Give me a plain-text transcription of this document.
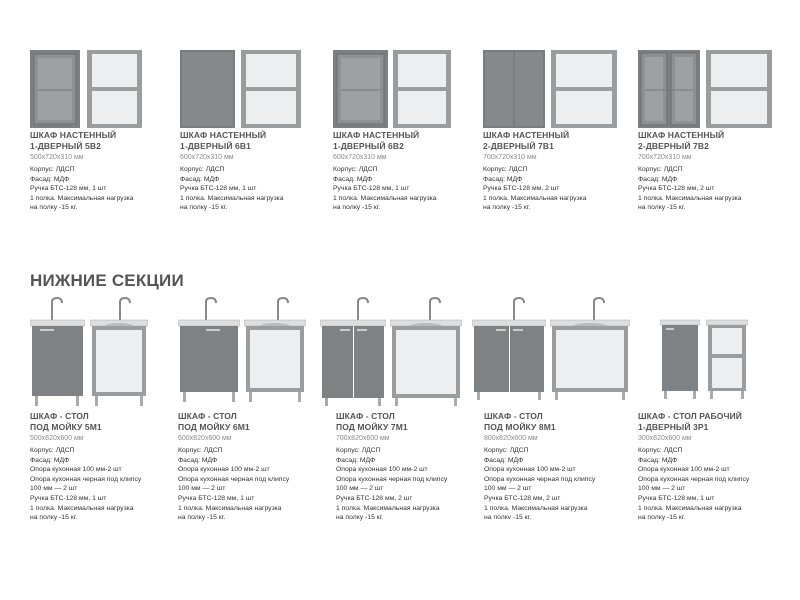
ШКАФ НАСТЕННЫЙ
1-ДВЕРНЫЙ 5В2
500x720x310 мм
Корпус: ЛДСП
Фасад: МДФ
Ручка БТС-128 мм, 1 шт
1 полка. Максимальная нагрузка
на полку -15 кг.
ШКАФ НАСТЕННЫЙ
1-ДВЕРНЫЙ 6В1
600x720x310 мм
Корпус: ЛДСП
Фасад: МДФ
Ручка БТС-128 мм, 1 шт
1 полка. Максимальная нагрузка
на полку -15 кг.
ШКАФ НАСТЕННЫЙ
1-ДВЕРНЫЙ 6В2
600x720x310 мм
Корпус: ЛДСП
Фасад: МДФ
Ручка БТС-128 мм, 1 шт
1 полка. Максимальная нагрузка
на полку -15 кг.
ШКАФ НАСТЕННЫЙ
2-ДВЕРНЫЙ 7В1
700x720x310 мм
Корпус: ЛДСП
Фасад: МДФ
Ручка БТС-128 мм, 2 шт
1 полка. Максимальная нагрузка
на полку -15 кг.
ШКАФ НАСТЕННЫЙ
2-ДВЕРНЫЙ 7В2
700x720x310 мм
Корпус: ЛДСП
Фасад: МДФ
Ручка БТС-128 мм, 2 шт
1 полка. Максимальная нагрузка
на полку -15 кг.
НИЖНИЕ СЕКЦИИ
ШКАФ - СТОЛ
ПОД МОЙКУ 5М1
500x820x600 мм
Корпус: ЛДСП
Фасад: МДФ
Опора кухонная 100 мм-2 шт
Опора кухонная черная под клипсу
100 мм — 2 шт
Ручка БТС-128 мм, 1 шт
1 полка. Максимальная нагрузка
на полку -15 кг.
ШКАФ - СТОЛ
ПОД МОЙКУ 6М1
600x820x600 мм
Корпус: ЛДСП
Фасад: МДФ
Опора кухонная 100 мм-2 шт
Опора кухонная черная под клипсу
100 мм — 2 шт
Ручка БТС-128 мм, 1 шт
1 полка. Максимальная нагрузка
на полку -15 кг.
ШКАФ - СТОЛ
ПОД МОЙКУ 7М1
700x820x600 мм
Корпус: ЛДСП
Фасад: МДФ
Опора кухонная 100 мм-2 шт
Опора кухонная черная под клипсу
100 мм — 2 шт
Ручка БТС-128 мм, 2 шт
1 полка. Максимальная нагрузка
на полку -15 кг.
ШКАФ - СТОЛ
ПОД МОЙКУ 8М1
800x820x600 мм
Корпус: ЛДСП
Фасад: МДФ
Опора кухонная 100 мм-2 шт
Опора кухонная черная под клипсу
100 мм — 2 шт
Ручка БТС-128 мм, 2 шт
1 полка. Максимальная нагрузка
на полкv -15 кг.
ШКАФ - СТОЛ РАБОЧИЙ
1-ДВЕРНЫЙ 3Р1
300x820x600 мм
Корпус: ЛДСП
Фасад: МДФ
Опора кухонная 100 мм-2 шт
Опора кухонная черная под клипсу
100 мм — 2 шт
Ручка БТС-128 мм, 1 шт
1 полка. Максимальная нагрузка
на полку -15 кг.
